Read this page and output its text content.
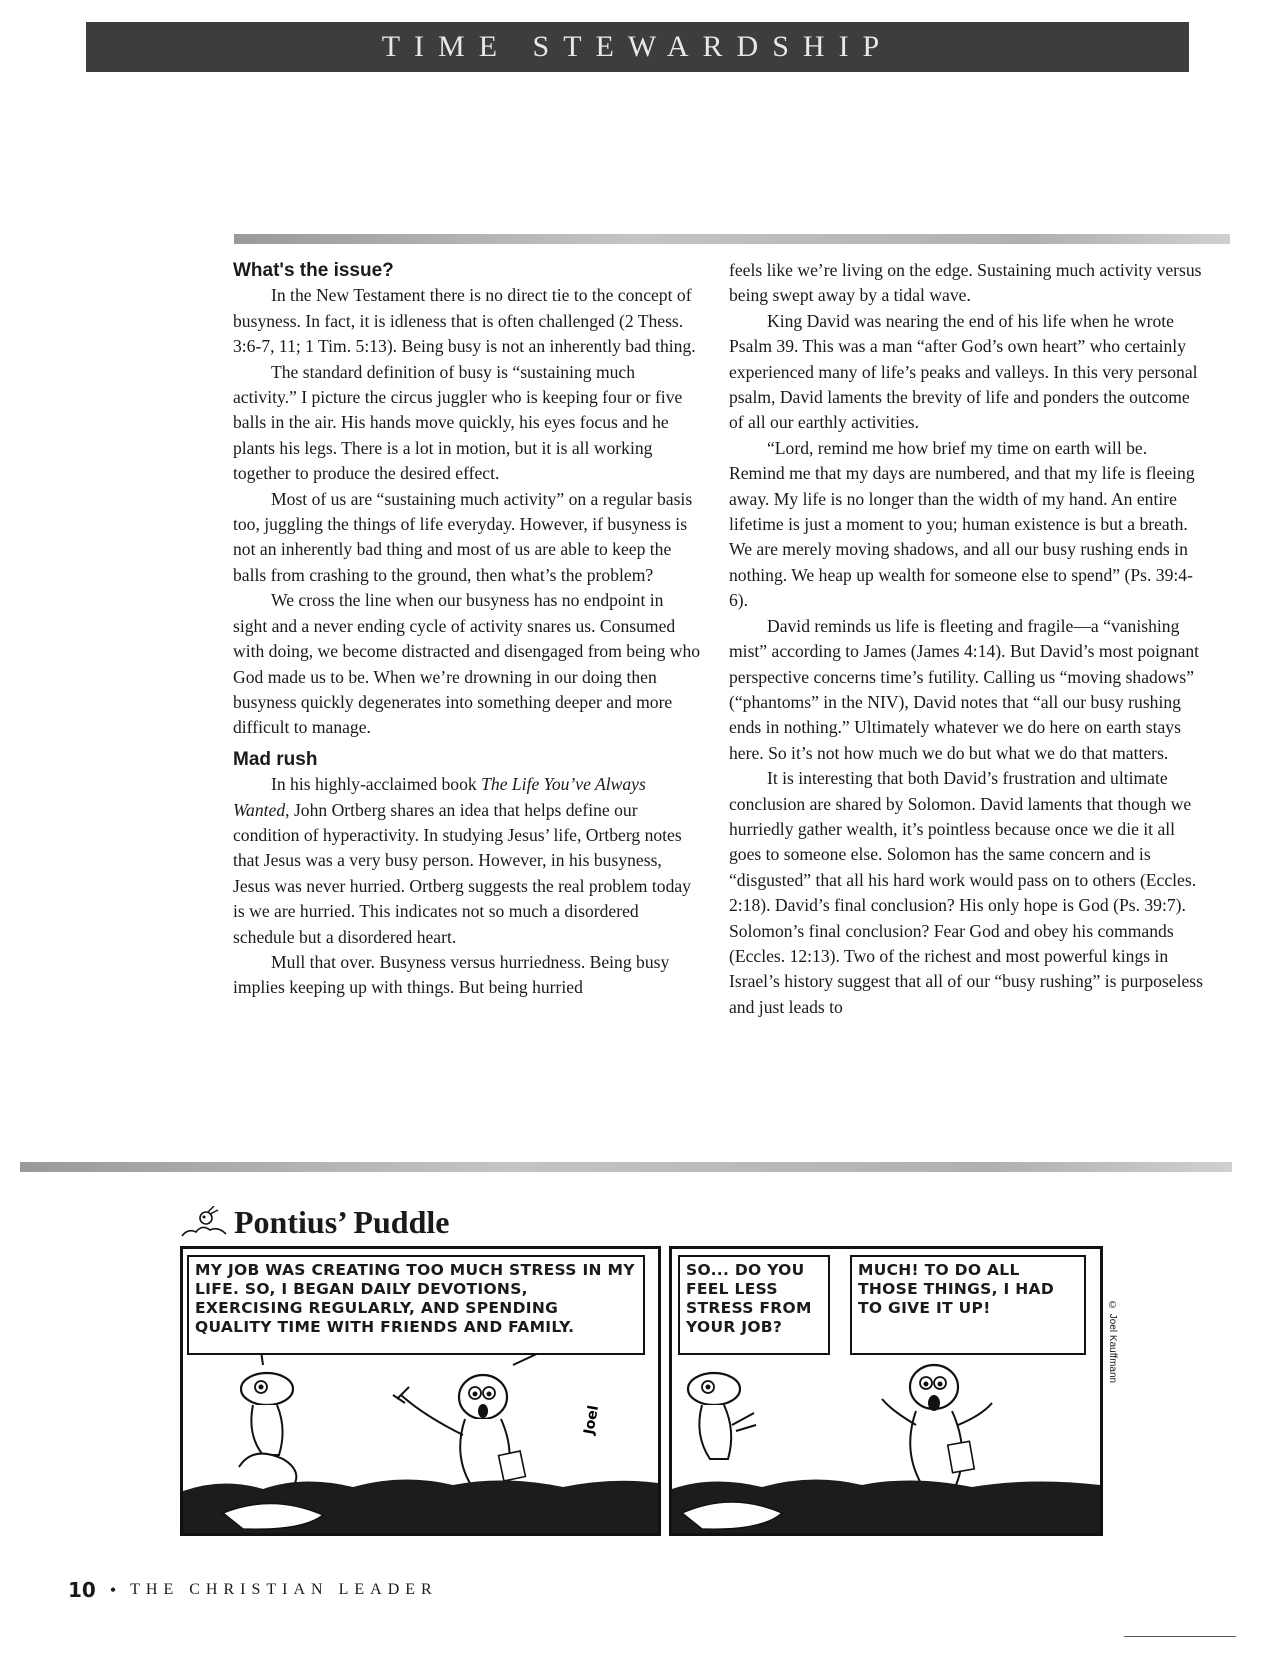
TIME STEWARDSHIP
What's the issue?

In the New Testament there is no direct tie to the concept of busyness. In fact, it is idleness that is often challenged (2 Thess. 3:6-7, 11; 1 Tim. 5:13). Being busy is not an inherently bad thing.

The standard definition of busy is “sustaining much activity.” I picture the circus juggler who is keeping four or five balls in the air. His hands move quickly, his eyes focus and he plants his legs. There is a lot in motion, but it is all working together to produce the desired effect.

Most of us are “sustaining much activity” on a regular basis too, juggling the things of life everyday. However, if busyness is not an inherently bad thing and most of us are able to keep the balls from crashing to the ground, then what’s the problem?

We cross the line when our busyness has no endpoint in sight and a never ending cycle of activity snares us. Consumed with doing, we become distracted and disengaged from being who God made us to be. When we’re drowning in our doing then busyness quickly degenerates into something deeper and more difficult to manage.

Mad rush

In his highly-acclaimed book The Life You’ve Always Wanted, John Ortberg shares an idea that helps define our condition of hyperactivity. In studying Jesus’ life, Ortberg notes that Jesus was a very busy person. However, in his busyness, Jesus was never hurried. Ortberg suggests the real problem today is we are hurried. This indicates not so much a disordered schedule but a disordered heart.

Mull that over. Busyness versus hurriedness. Being busy implies keeping up with things. But being hurried

feels like we’re living on the edge. Sustaining much activity versus being swept away by a tidal wave.

King David was nearing the end of his life when he wrote Psalm 39. This was a man “after God’s own heart” who certainly experienced many of life’s peaks and valleys. In this very personal psalm, David laments the brevity of life and ponders the outcome of all our earthly activities.

“Lord, remind me how brief my time on earth will be. Remind me that my days are numbered, and that my life is fleeing away. My life is no longer than the width of my hand. An entire lifetime is just a moment to you; human existence is but a breath. We are merely moving shadows, and all our busy rushing ends in nothing. We heap up wealth for someone else to spend” (Ps. 39:4-6).

David reminds us life is fleeting and fragile—a “vanishing mist” according to James (James 4:14). But David’s most poignant perspective concerns time’s futility. Calling us “moving shadows” (“phantoms” in the NIV), David notes that “all our busy rushing ends in nothing.” Ultimately whatever we do here on earth stays here. So it’s not how much we do but what we do that matters.

It is interesting that both David’s frustration and ultimate conclusion are shared by Solomon. David laments that though we hurriedly gather wealth, it’s pointless because once we die it all goes to someone else. Solomon has the same concern and is “disgusted” that all his hard work would pass on to others (Eccles. 2:18). David’s final conclusion? His only hope is God (Ps. 39:7). Solomon’s final conclusion? Fear God and obey his commands (Eccles. 12:13). Two of the richest and most powerful kings in Israel’s history suggest that all of our “busy rushing” is purposeless and just leads to

Pontius’ Puddle
MY JOB WAS CREATING TOO MUCH STRESS IN MY LIFE. SO, I BEGAN DAILY DEVOTIONS, EXERCISING REGULARLY, AND SPENDING QUALITY TIME WITH FRIENDS AND FAMILY.
Joel
SO... DO YOU FEEL LESS STRESS FROM YOUR JOB?
MUCH! TO DO ALL THOSE THINGS, I HAD TO GIVE IT UP!	© Joel Kauffmann
10 • THE CHRISTIAN LEADER
